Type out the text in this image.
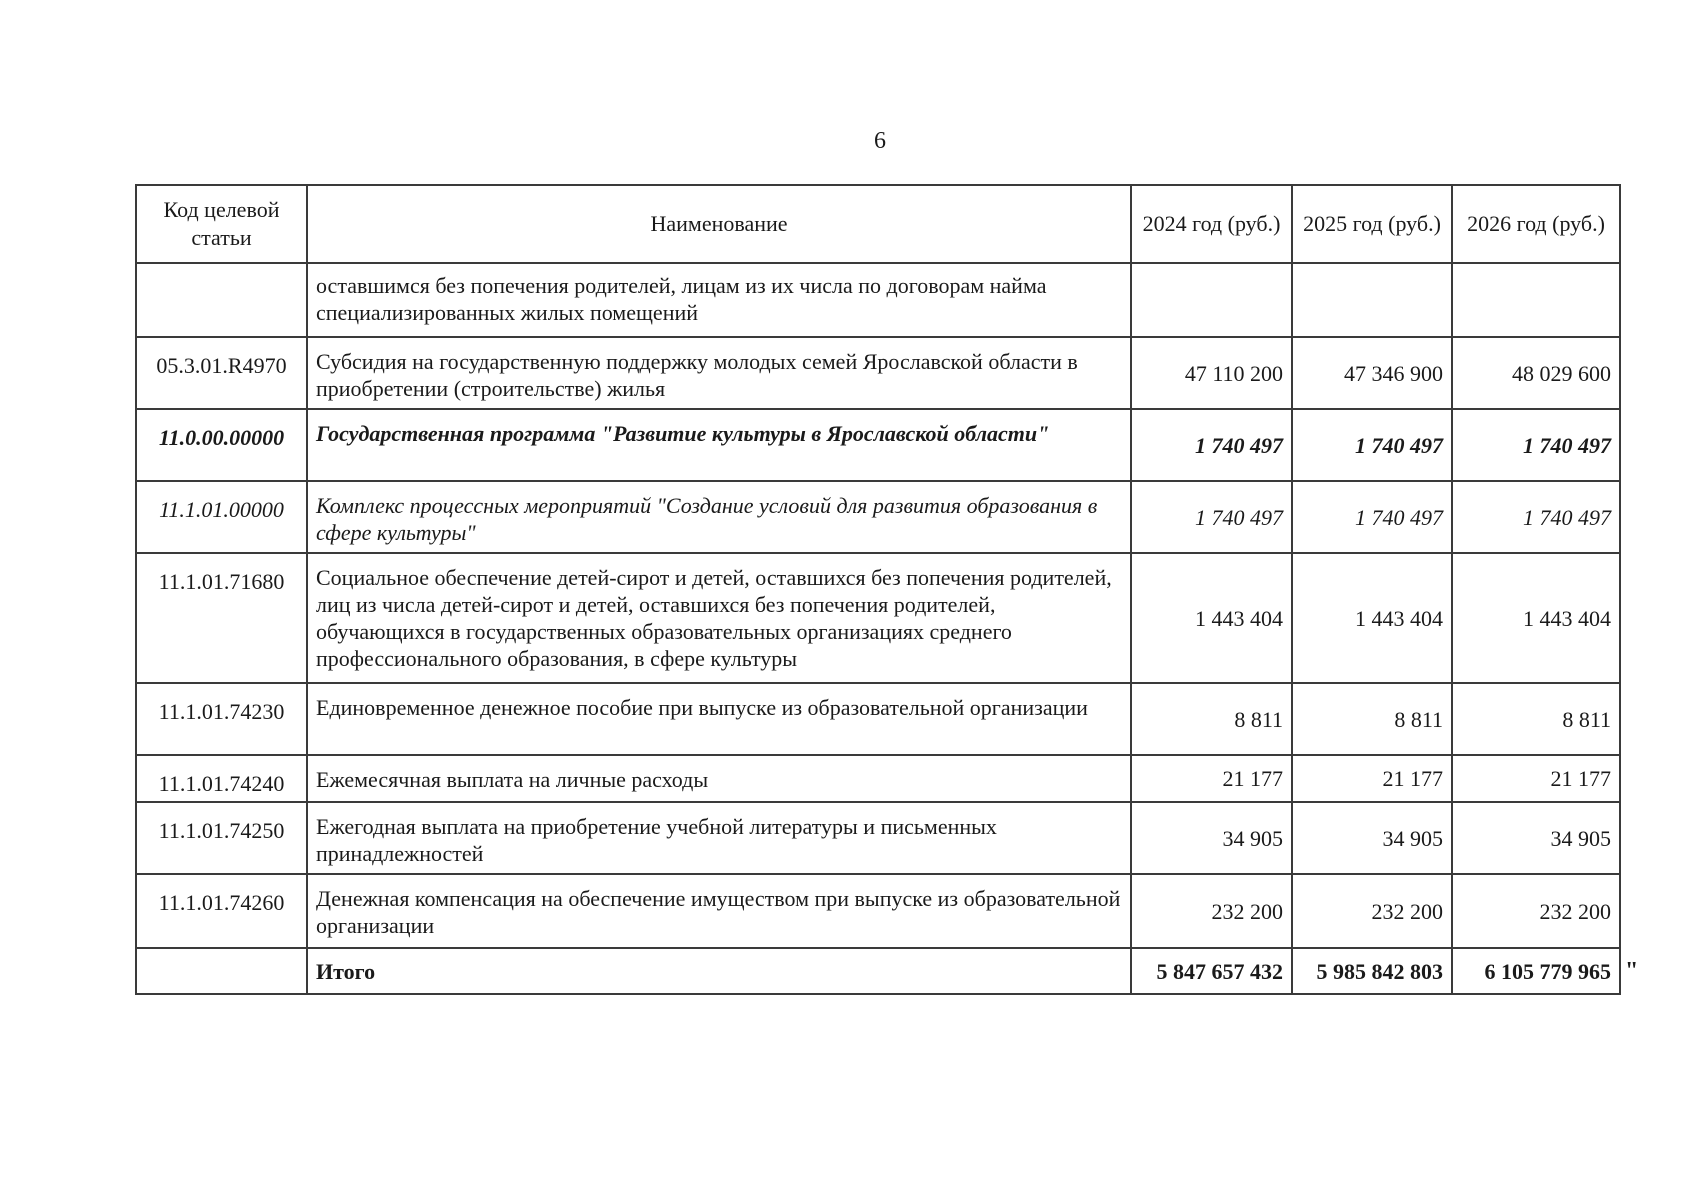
6
Код целевой статьи	Наименование	2024 год (руб.)	2025 год (руб.)	2026 год (руб.)
	оставшимся без попечения родителей, лицам из их числа по договорам найма специализированных жилых помещений			
05.3.01.R4970	Субсидия на государственную поддержку молодых семей Ярославской области в приобретении (строительстве) жилья	47 110 200	47 346 900	48 029 600
11.0.00.00000	Государственная программа "Развитие культуры в Ярославской области"	1 740 497	1 740 497	1 740 497
11.1.01.00000	Комплекс процессных мероприятий "Создание условий для развития образования в сфере культуры"	1 740 497	1 740 497	1 740 497
11.1.01.71680	Социальное обеспечение детей-сирот и детей, оставшихся без попечения родителей, лиц из числа детей-сирот и детей, оставшихся без попечения родителей, обучающихся в государственных образовательных организациях среднего профессионального образования, в сфере культуры	1 443 404	1 443 404	1 443 404
11.1.01.74230	Единовременное денежное пособие при выпуске из образовательной организации	8 811	8 811	8 811
11.1.01.74240	Ежемесячная выплата на личные расходы	21 177	21 177	21 177
11.1.01.74250	Ежегодная выплата на приобретение учебной литературы и письменных принадлежностей	34 905	34 905	34 905
11.1.01.74260	Денежная компенсация на обеспечение имуществом при выпуске из образовательной организации	232 200	232 200	232 200
	Итого	5 847 657 432	5 985 842 803	6 105 779 965 "
